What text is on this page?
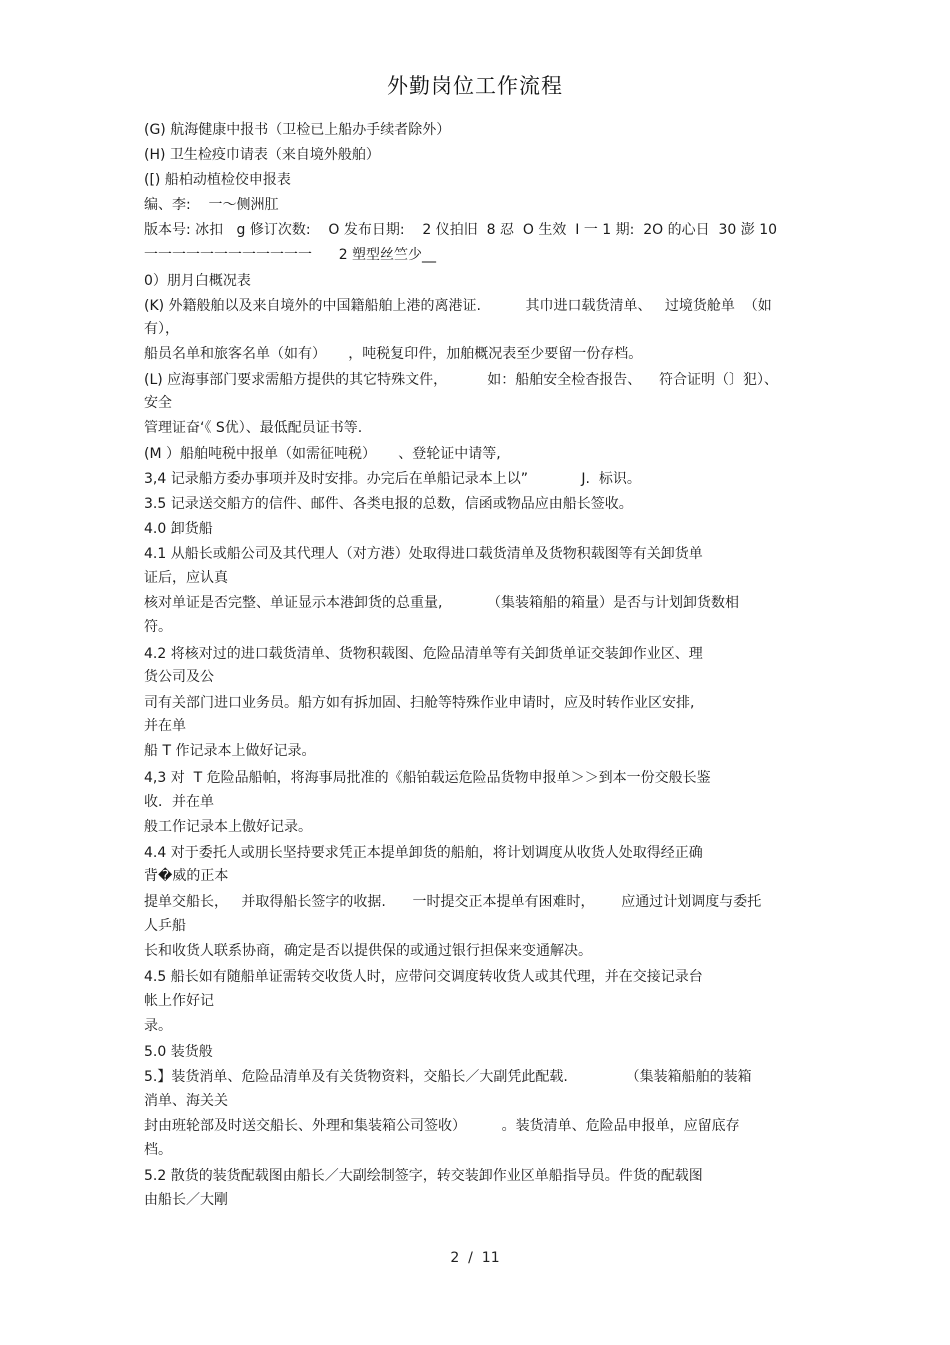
外勤岗位工作流程
(G) 航海健康中报书（卫检已上船办手续者除外）
(H) 卫生检疫巾请表（来自境外般舶）
([) 船柏动植检佼申报表
编、李:    一～侧洲肛
版本号: 冰扣   g 修订次数:    O 发布日期:    2 仪拍旧  8 忍  O 生效  I 一 1 期:  2O 的心日  30 澎 10
一一一一一一一一一一一一      2 塑型丝竺少__
0）朋月白概况表
(K) 外籍般舶以及来自境外的中国籍船舶上港的离港证.          其巾进口载货清单、   过境货舱单  （如
有），
船员名单和旅客名单（如有）     ，吨税复印件，加舶概况表至少要留一份存档。
(L) 应海事部门要求需船方提供的其它特殊文件，         如：船舶安全检杳报告、    符合证明（〕犯）、
安全
管理证奋‘《 S优）、最低配员证书等.
(M ）船舶吨税中报单（如需征吨税）     、登轮证中请等,
3,4 记录船方委办事项并及时安排。办完后在单船记录本上以”            J.  标识。
3.5 记录送交船方的信件、邮件、各类电报的总数，信函或物品应由船长签收。
4.0 卸货船
4.1 从船长或船公司及其代理人（对方港）处取得进口载货清单及货物积载图等有关卸货单
证后，应认真
核对单证是否完整、单证显示本港卸货的总重量,          （集装箱船的箱量）是否与计划卸货数相
符。
4.2 将核对过的进口载货清单、货物积载图、危险品清单等有关卸货单证交装卸作业区、理
货公司及公
司有关部门进口业务员。船方如有拆加固、扫舱等特殊作业申请时，应及时转作业区安排,
并在单
船 T 作记录本上做好记录。
4,3 对  T 危险品船帕，将海事局批准的《船铂载运危险品货物申报单＞＞到本一份交般长鉴
收．并在单
般工作记录本上傲好记录。
4.4 对于委托人或朋长坚持要求凭正本提单卸货的船舶，将计划调度从收货人处取得经正确
背�威的正本
提单交船长，   并取得船长签字的收据.      一时提交正本提单有困难时，      应通过计划调度与委托
人乒船
长和收货人联系协商，确定是否以提供保的或通过银行担保来变通解决。
4.5 船长如有随船单证需转交收货人时，应带问交调度转收货人或其代理，并在交接记录台
帐上作好记
录。
5.0 装货般
5.】装货消单、危险品清单及有关货物资料，交船长／大副凭此配载.             （集装箱船舶的装箱
消单、海关关
封由班轮部及时送交船长、外理和集装箱公司签收）        。装货清单、危险品申报单，应留底存
档。
5.2 散货的装货配载图由船长／大副绘制签字，转交装卸作业区单船指导员。件货的配载图
由船长／大剛
2  /  11
